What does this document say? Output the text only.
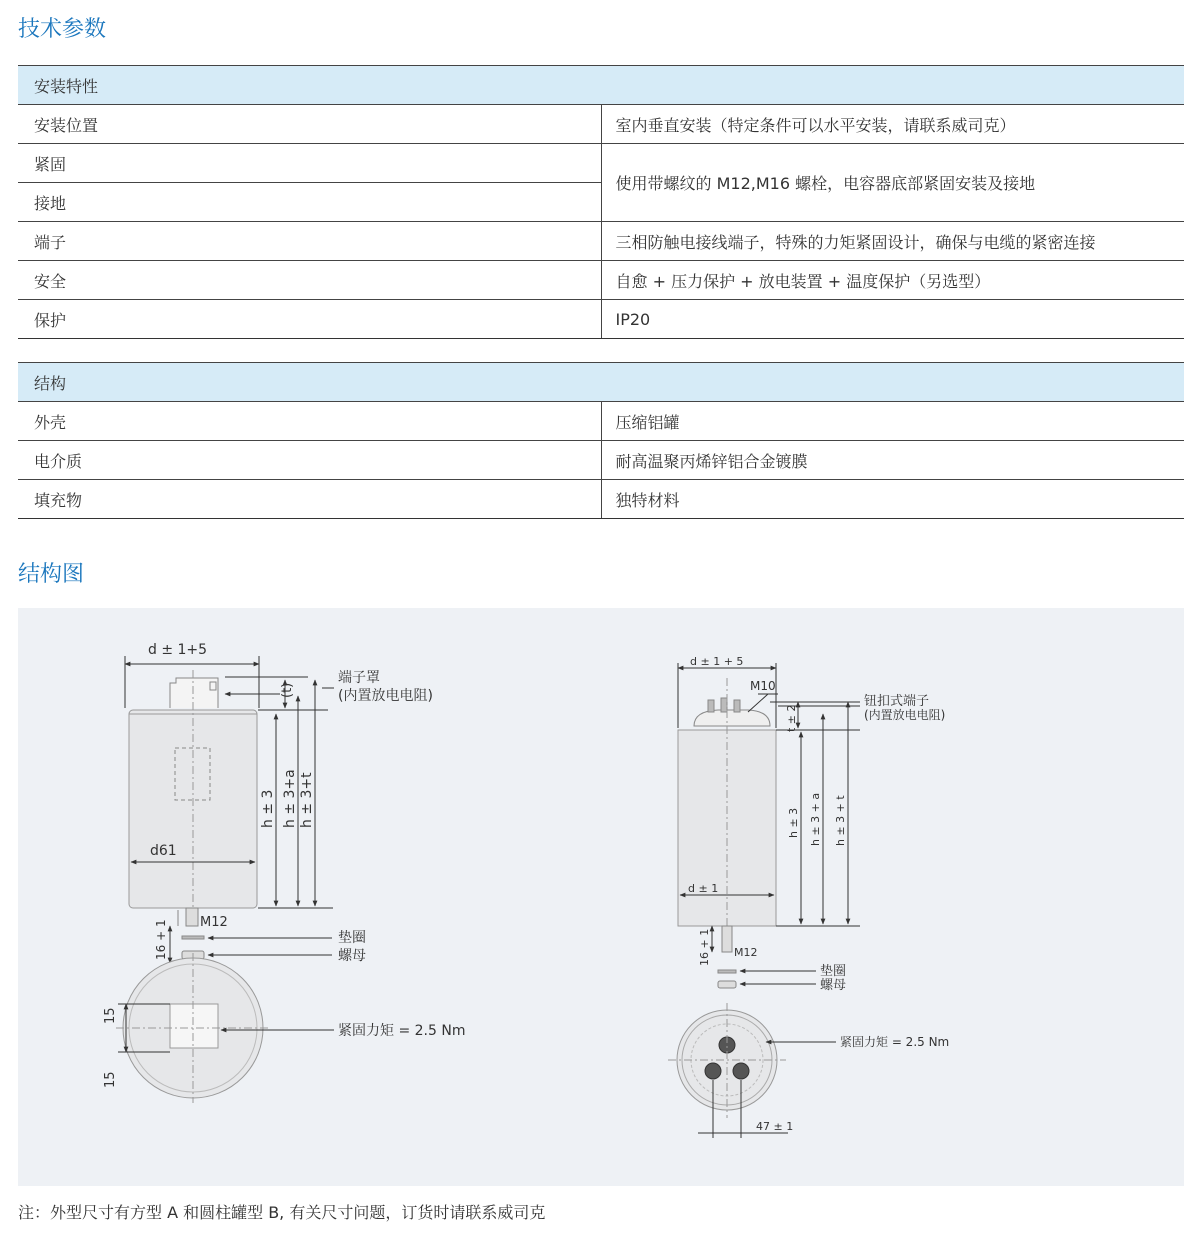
技术参数
安装特性	
安装位置	室内垂直安装（特定条件可以水平安装，请联系威司克）
紧固	使用带螺纹的 M12,M16 螺栓，电容器底部紧固安装及接地
接地	
端子	三相防触电接线端子，特殊的力矩紧固设计，确保与电缆的紧密连接
安全	自愈 + 压力保护 + 放电装置 + 温度保护（另选型）
保护	IP20
结构	
外壳	压缩铝罐
电介质	耐高温聚丙烯锌铝合金镀膜
填充物	独特材料
结构图
d ± 1+5
端子罩
(内置放电电阻)
(t)
h ± 3 h ± 3+a h ± 3+t
d61
M12
16 + 1	垫圈
螺母
15
15
紧固力矩 = 2.5 Nm
d ± 1 + 5
M10
钮扣式端子
(内置放电电阻)
t ± 2
h ± 3 h ± 3 + a h ± 3 + t
d ± 1
16 + 1 M12
垫圈
螺母
紧固力矩 = 2.5 Nm
47 ± 1
注：外型尺寸有方型 A 和圆柱罐型 B, 有关尺寸问题，订货时请联系威司克
